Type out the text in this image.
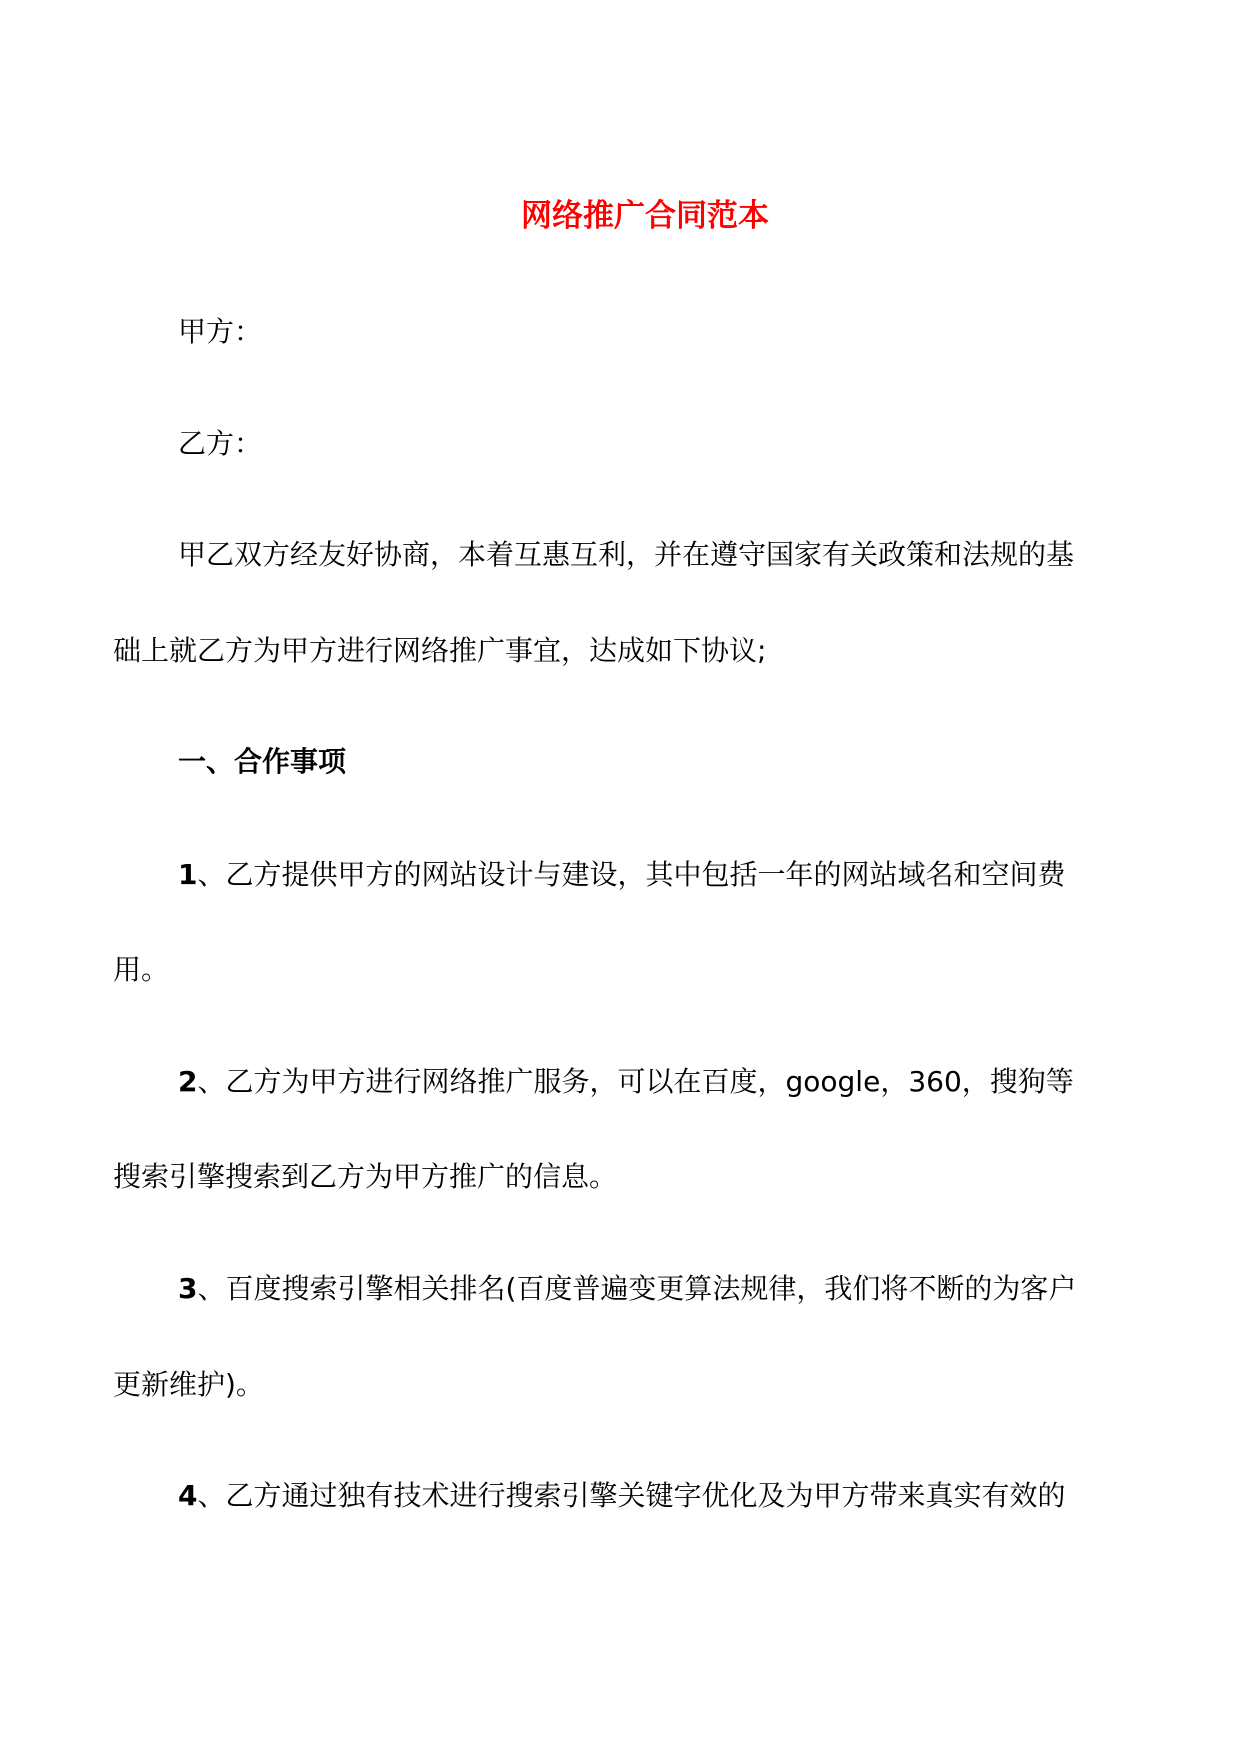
网络推广合同范本

甲方：

乙方：

甲乙双方经友好协商，本着互惠互利，并在遵守国家有关政策和法规的基

础上就乙方为甲方进行网络推广事宜，达成如下协议;

一、合作事项

1、乙方提供甲方的网站设计与建设，其中包括一年的网站域名和空间费

用。

2、乙方为甲方进行网络推广服务，可以在百度，google，360，搜狗等

搜索引擎搜索到乙方为甲方推广的信息。

3、百度搜索引擎相关排名(百度普遍变更算法规律，我们将不断的为客户

更新维护)。

4、乙方通过独有技术进行搜索引擎关键字优化及为甲方带来真实有效的
